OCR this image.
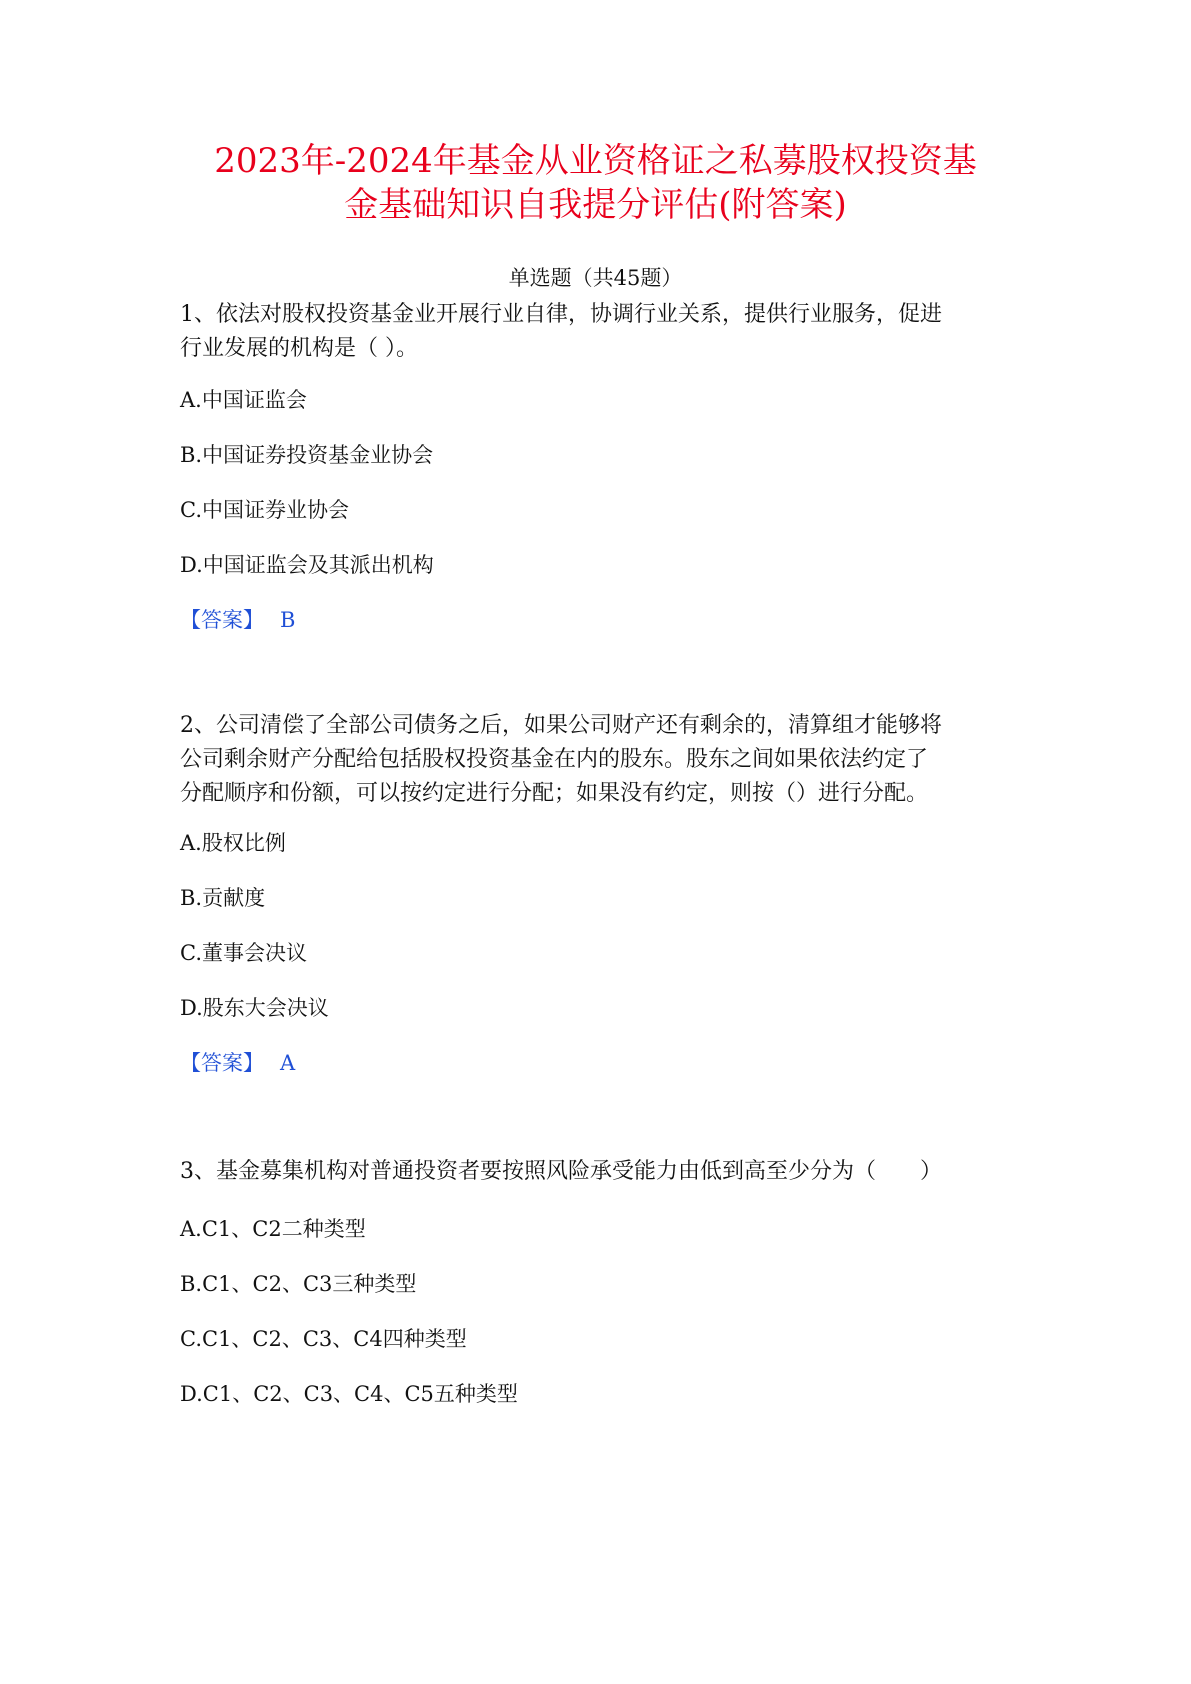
2023年-2024年基金从业资格证之私募股权投资基
金基础知识自我提分评估(附答案)
单选题（共45题）
1、依法对股权投资基金业开展行业自律，协调行业关系，提供行业服务，促进
行业发展的机构是（ ）。
A.中国证监会
B.中国证券投资基金业协会
C.中国证券业协会
D.中国证监会及其派出机构
【答案】 B
2、公司清偿了全部公司债务之后，如果公司财产还有剩余的，清算组才能够将
公司剩余财产分配给包括股权投资基金在内的股东。股东之间如果依法约定了
分配顺序和份额，可以按约定进行分配；如果没有约定，则按（）进行分配。
A.股权比例
B.贡献度
C.董事会决议
D.股东大会决议
【答案】 A
3、基金募集机构对普通投资者要按照风险承受能力由低到高至少分为（　　）
A.C1、C2二种类型
B.C1、C2、C3三种类型
C.C1、C2、C3、C4四种类型
D.C1、C2、C3、C4、C5五种类型
